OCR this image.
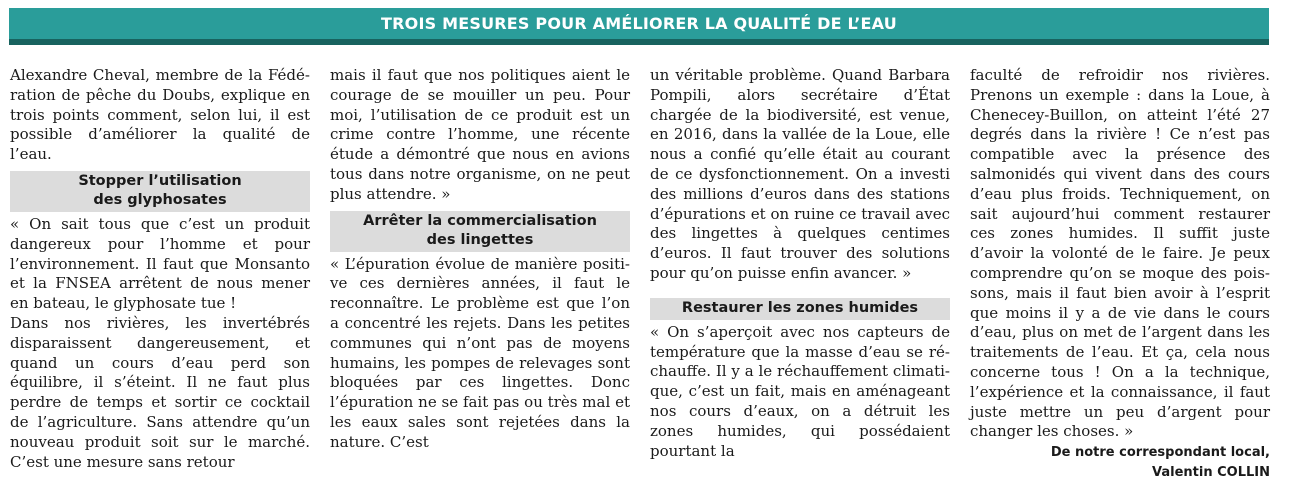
TROIS MESURES POUR AMÉLIORER LA QUALITÉ DE L’EAU

Alexandre Cheval, membre de la Fédération de pêche du Doubs, explique en trois points comment, selon lui, il est possible d’améliorer la qualité de l’eau.

Stopper l’utilisation
des glyphosates

« On sait tous que c’est un produit dangereux pour l’homme et pour l’environnement. Il faut que Monsanto et la FNSEA arrêtent de nous mener en bateau, le glyphosate tue !

Dans nos rivières, les invertébrés disparaissent dangereusement, et quand un cours d’eau perd son équilibre, il s’éteint. Il ne faut plus perdre de temps et sortir ce cocktail de l’agriculture. Sans attendre qu’un nouveau produit soit sur le marché. C’est une mesure sans retour

mais il faut que nos politiques aient le courage de se mouiller un peu. Pour moi, l’utilisation de ce produit est un crime contre l’homme, une récente étude a démontré que nous en avions tous dans notre organisme, on ne peut plus attendre. »

Arrêter la commercialisation
des lingettes

« L’épuration évolue de manière positive ces dernières années, il faut le reconnaître. Le problème est que l’on a concentré les rejets. Dans les petites communes qui n’ont pas de moyens humains, les pompes de relevages sont bloquées par ces lingettes. Donc l’épuration ne se fait pas ou très mal et les eaux sales sont rejetées dans la nature. C’est

un véritable problème. Quand Barbara Pompili, alors secrétaire d’État chargée de la biodiversité, est venue, en 2016, dans la vallée de la Loue, elle nous a confié qu’elle était au courant de ce dysfonctionnement. On a investi des millions d’euros dans des stations d’épurations et on ruine ce travail avec des lingettes à quelques centimes d’euros. Il faut trouver des solutions pour qu’on puisse enfin avancer. »

Restaurer les zones humides

« On s’aperçoit avec nos capteurs de température que la masse d’eau se réchauffe. Il y a le réchauffement climatique, c’est un fait, mais en aménageant nos cours d’eaux, on a détruit les zones humides, qui possédaient pourtant la

faculté de refroidir nos rivières. Prenons un exemple : dans la Loue, à Chenecey-Buillon, on atteint l’été 27 degrés dans la rivière ! Ce n’est pas compatible avec la présence des salmonidés qui vivent dans des cours d’eau plus froids. Techniquement, on sait aujourd’hui comment restaurer ces zones humides. Il suffit juste d’avoir la volonté de le faire. Je peux comprendre qu’on se moque des poissons, mais il faut bien avoir à l’esprit que moins il y a de vie dans le cours d’eau, plus on met de l’argent dans les traitements de l’eau. Et ça, cela nous concerne tous ! On a la technique, l’expérience et la connaissance, il faut juste mettre un peu d’argent pour changer les choses. »

De notre correspondant local,
Valentin COLLIN
